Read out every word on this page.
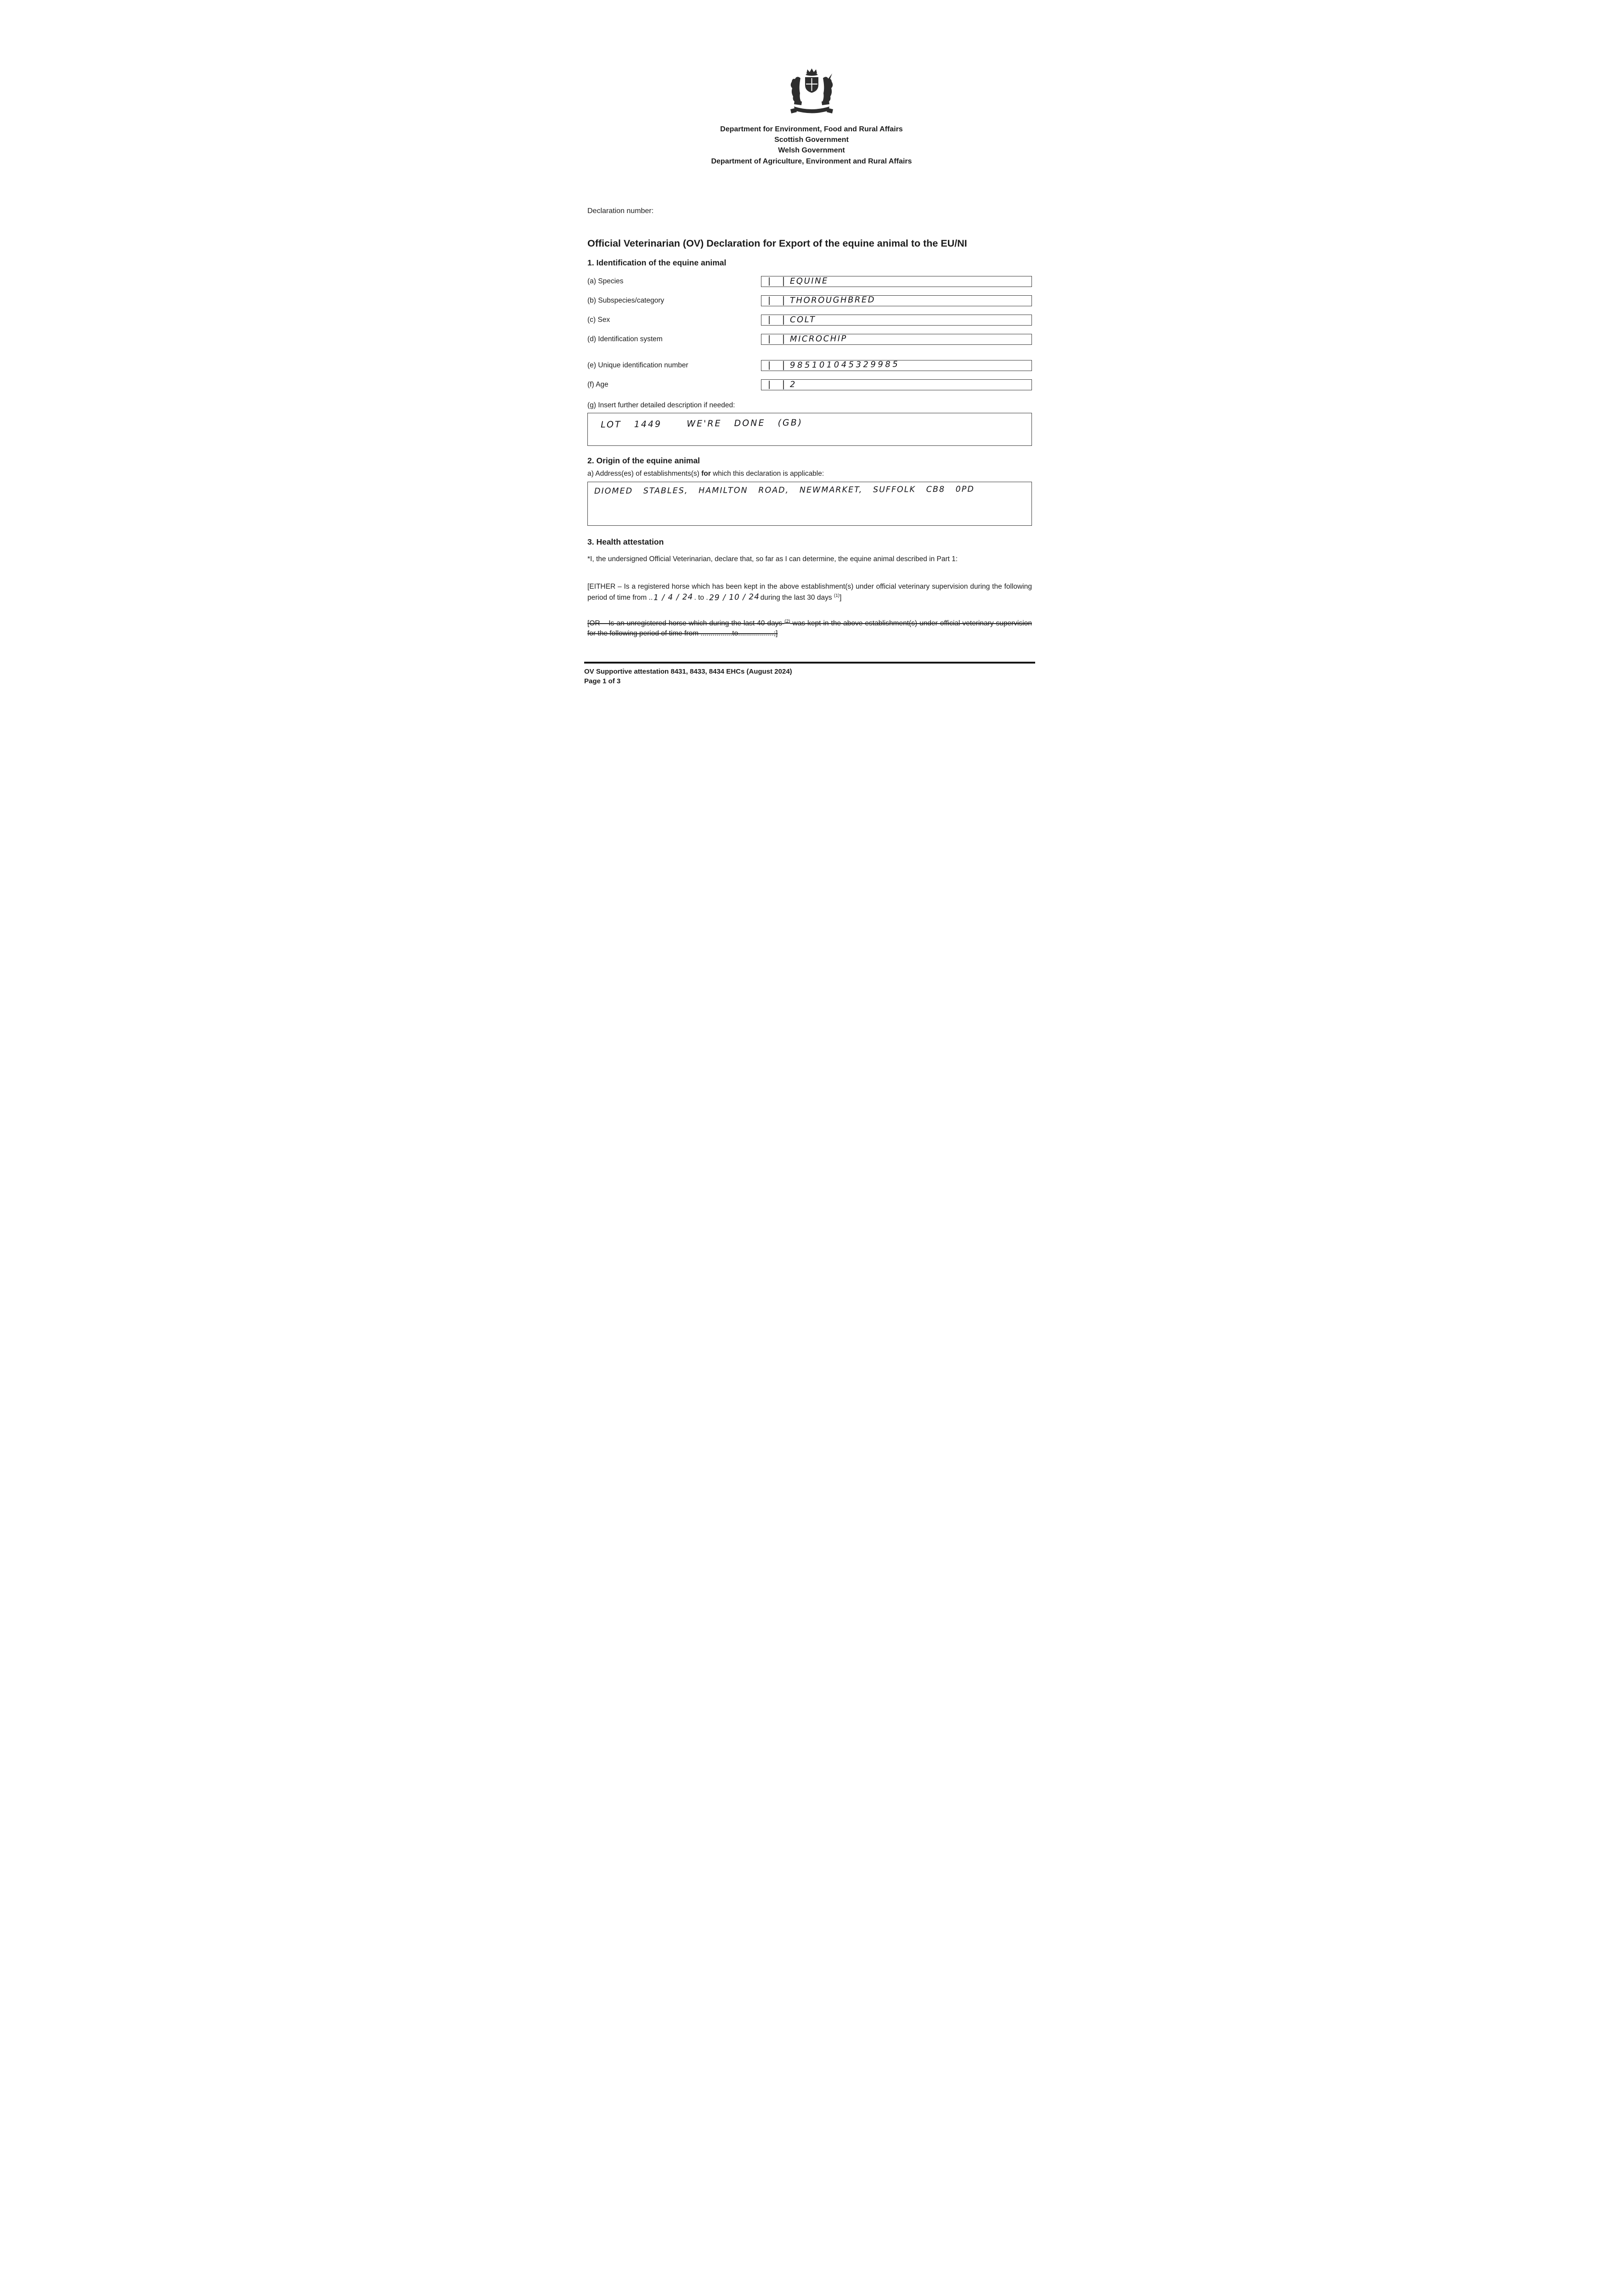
Department for Environment, Food and Rural Affairs
Scottish Government
Welsh Government
Department of Agriculture, Environment and Rural Affairs
Declaration number:
Official Veterinarian (OV) Declaration for Export of the equine animal to the EU/NI
1. Identification of the equine animal
(a) Species	EQUINE
(b) Subspecies/category	THOROUGHBRED
(c) Sex	COLT
(d) Identification system	MICROCHIP
(e) Unique identification number	985101045329985
(f) Age	2
(g) Insert further detailed description if needed:
LOT   1449      WE'RE   DONE   (GB)
2. Origin of the equine animal
a) Address(es) of establishments(s) for which this declaration is applicable:
DIOMED   STABLES,   HAMILTON   ROAD,   NEWMARKET,   SUFFOLK   CB8   0PD
3. Health attestation
*I, the undersigned Official Veterinarian, declare that, so far as I can determine, the equine animal described in Part 1:
[EITHER – Is a registered horse which has been kept in the above establishment(s) under official veterinary supervision during the following period of time from .. 1 / 4 / 24 . to . 29 / 10 / 24 during the last 30 days $^{(1)}$]
[OR – Is an unregistered horse which during the last 40 days $^{(2)}$ was kept in the above establishment(s) under official veterinary supervision for the following period of time from ................to..................;]
OV Supportive attestation 8431, 8433, 8434 EHCs (August 2024)
Page 1 of 3
